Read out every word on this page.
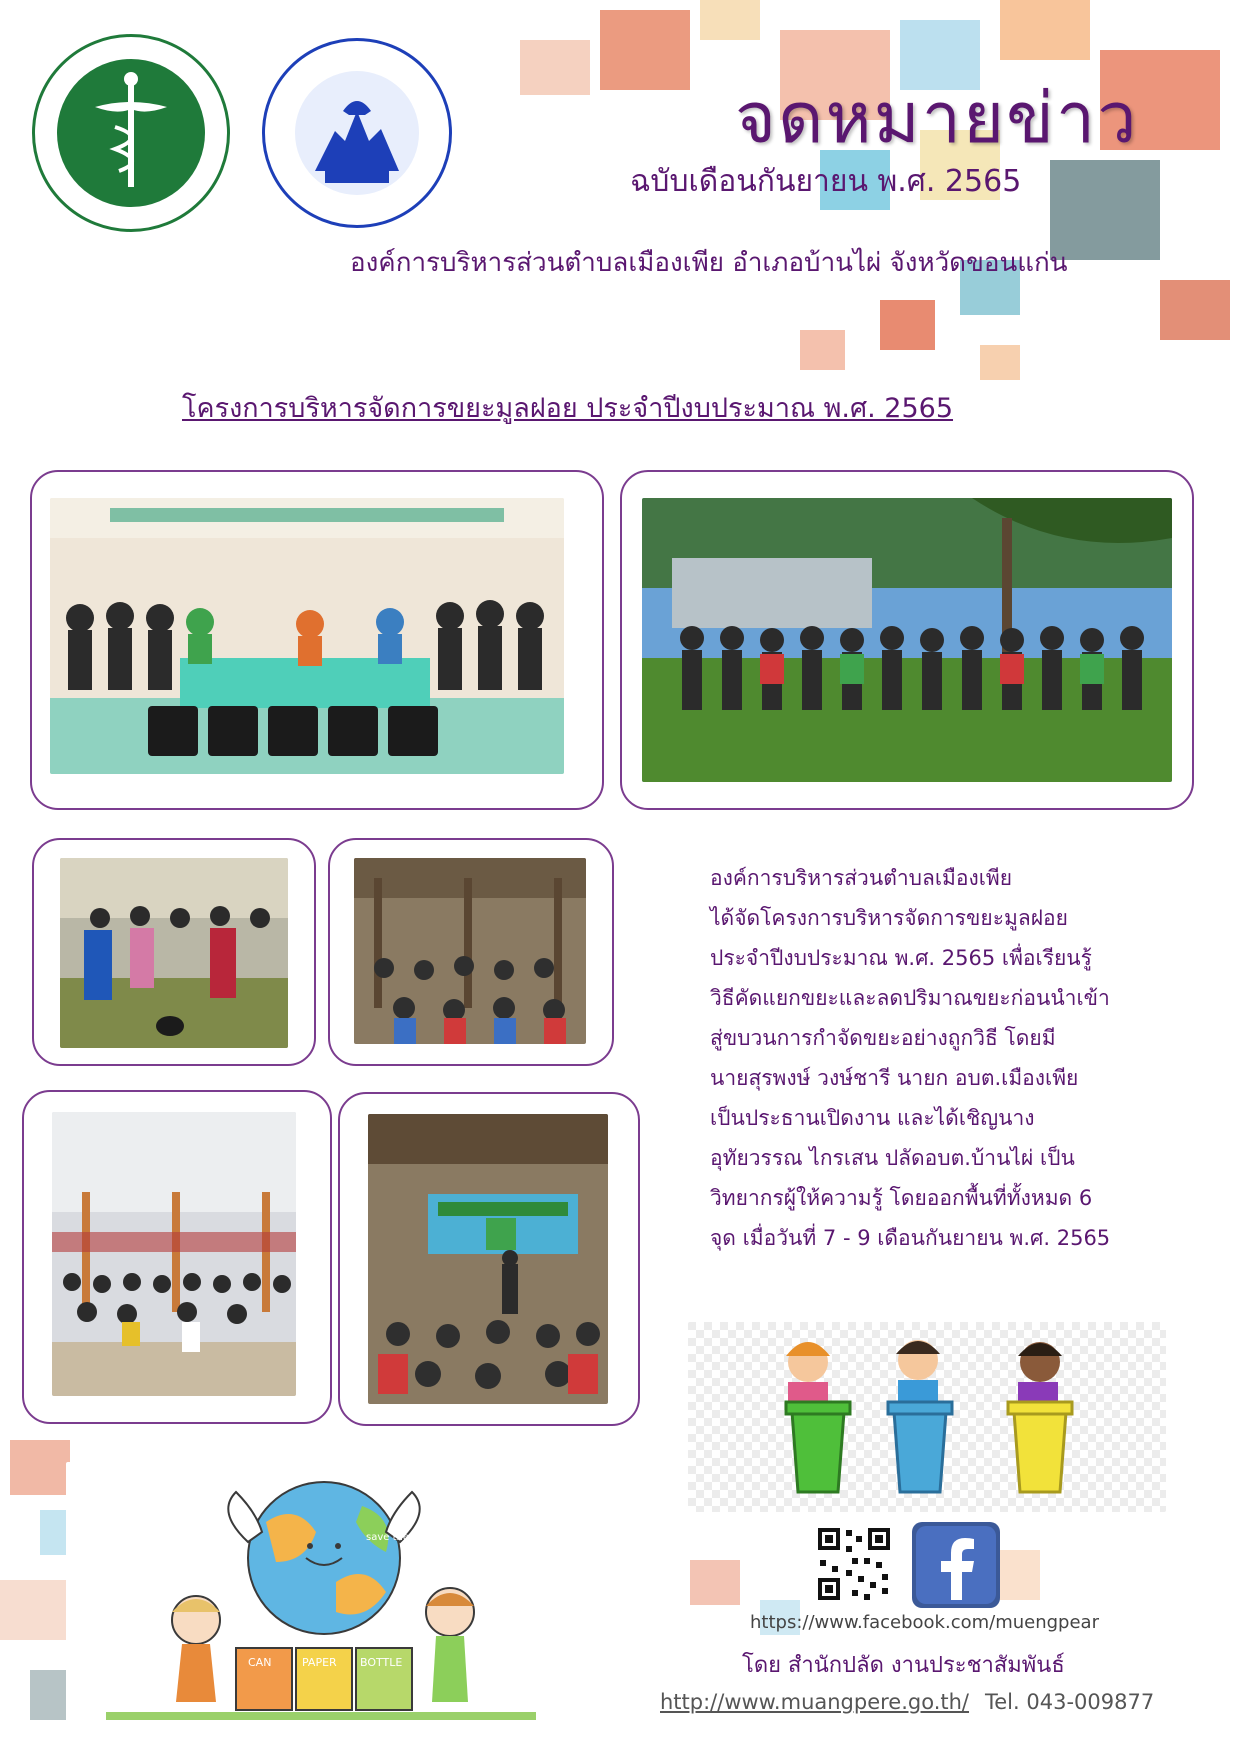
จดหมายข่าว
ฉบับเดือนกันยายน พ.ศ. 2565
องค์การบริหารส่วนตำบลเมืองเพีย อำเภอบ้านไผ่ จังหวัดขอนแก่น
โครงการบริหารจัดการขยะมูลฝอย ประจำปีงบประมาณ พ.ศ. 2565
องค์การบริหารส่วนตำบลเมืองเพีย
ได้จัดโครงการบริหารจัดการขยะมูลฝอย
ประจำปีงบประมาณ พ.ศ. 2565 เพื่อเรียนรู้
วิธีคัดแยกขยะและลดปริมาณขยะก่อนนำเข้า
สู่ขบวนการกำจัดขยะอย่างถูกวิธี โดยมี
นายสุรพงษ์ วงษ์ชารี นายก อบต.เมืองเพีย
เป็นประธานเปิดงาน และได้เชิญนาง
อุทัยวรรณ ไกรเสน ปลัดอบต.บ้านไผ่ เป็น
วิทยากรผู้ให้ความรู้ โดยออกพื้นที่ทั้งหมด 6
จุด เมื่อวันที่ 7 - 9 เดือนกันยายน พ.ศ. 2565
https://www.facebook.com/muengpear
โดย สำนักปลัด งานประชาสัมพันธ์
http://www.muangpere.go.th/ Tel. 043-009877
save the earth
CAN	PAPER BOTTLE
